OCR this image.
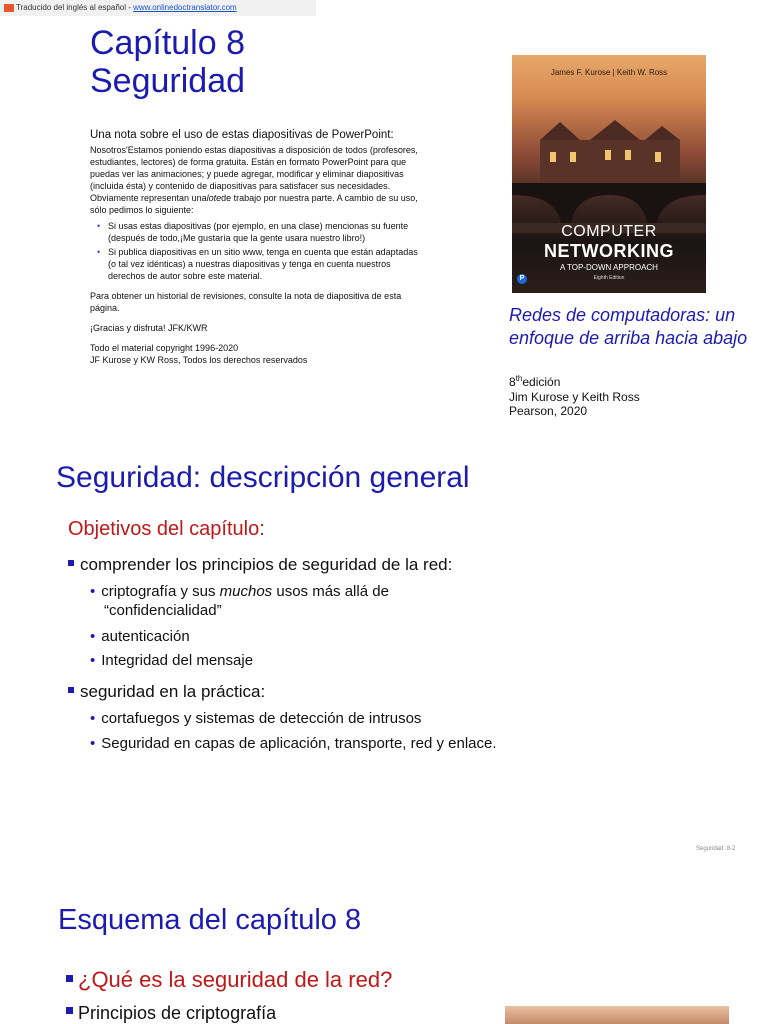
Traducido del inglés al español - www.onlinedoctranslator.com
Capítulo 8
Seguridad
Una nota sobre el uso de estas diapositivas de PowerPoint:
Nosotros'Estamos poniendo estas diapositivas a disposición de todos (profesores, estudiantes, lectores) de forma gratuita. Están en formato PowerPoint para que puedas ver las animaciones; y puede agregar, modificar y eliminar diapositivas (incluida ésta) y contenido de diapositivas para satisfacer sus necesidades. Obviamente representan unalotede trabajo por nuestra parte. A cambio de su uso, sólo pedimos lo siguiente:
• Si usas estas diapositivas (por ejemplo, en una clase) mencionas su fuente (después de todo,¡Me gustaría que la gente usara nuestro libro!)
• Si publica diapositivas en un sitio www, tenga en cuenta que están adaptadas (o tal vez idénticas) a nuestras diapositivas y tenga en cuenta nuestros derechos de autor sobre este material.

Para obtener un historial de revisiones, consulte la nota de diapositiva de esta página.

¡Gracias y disfruta! JFK/KWR

Todo el material copyright 1996-2020
JF Kurose y KW Ross, Todos los derechos reservados
James F. Kurose | Keith W. Ross
COMPUTER
NETWORKING
A TOP-DOWN APPROACH
Eighth Edition
P
Redes de computadoras: un enfoque de arriba hacia abajo
8thedición
Jim Kurose y Keith Ross
Pearson, 2020
Seguridad: descripción general
Objetivos del capítulo:
comprender los principios de seguridad de la red:
• criptografía y sus muchos usos más allá de
“confidencialidad”
• autenticación
• Integridad del mensaje
seguridad en la práctica:
• cortafuegos y sistemas de detección de intrusos
• Seguridad en capas de aplicación, transporte, red y enlace.
Seguridad: 8-2
Esquema del capítulo 8
¿Qué es la seguridad de la red?
Principios de criptografía
